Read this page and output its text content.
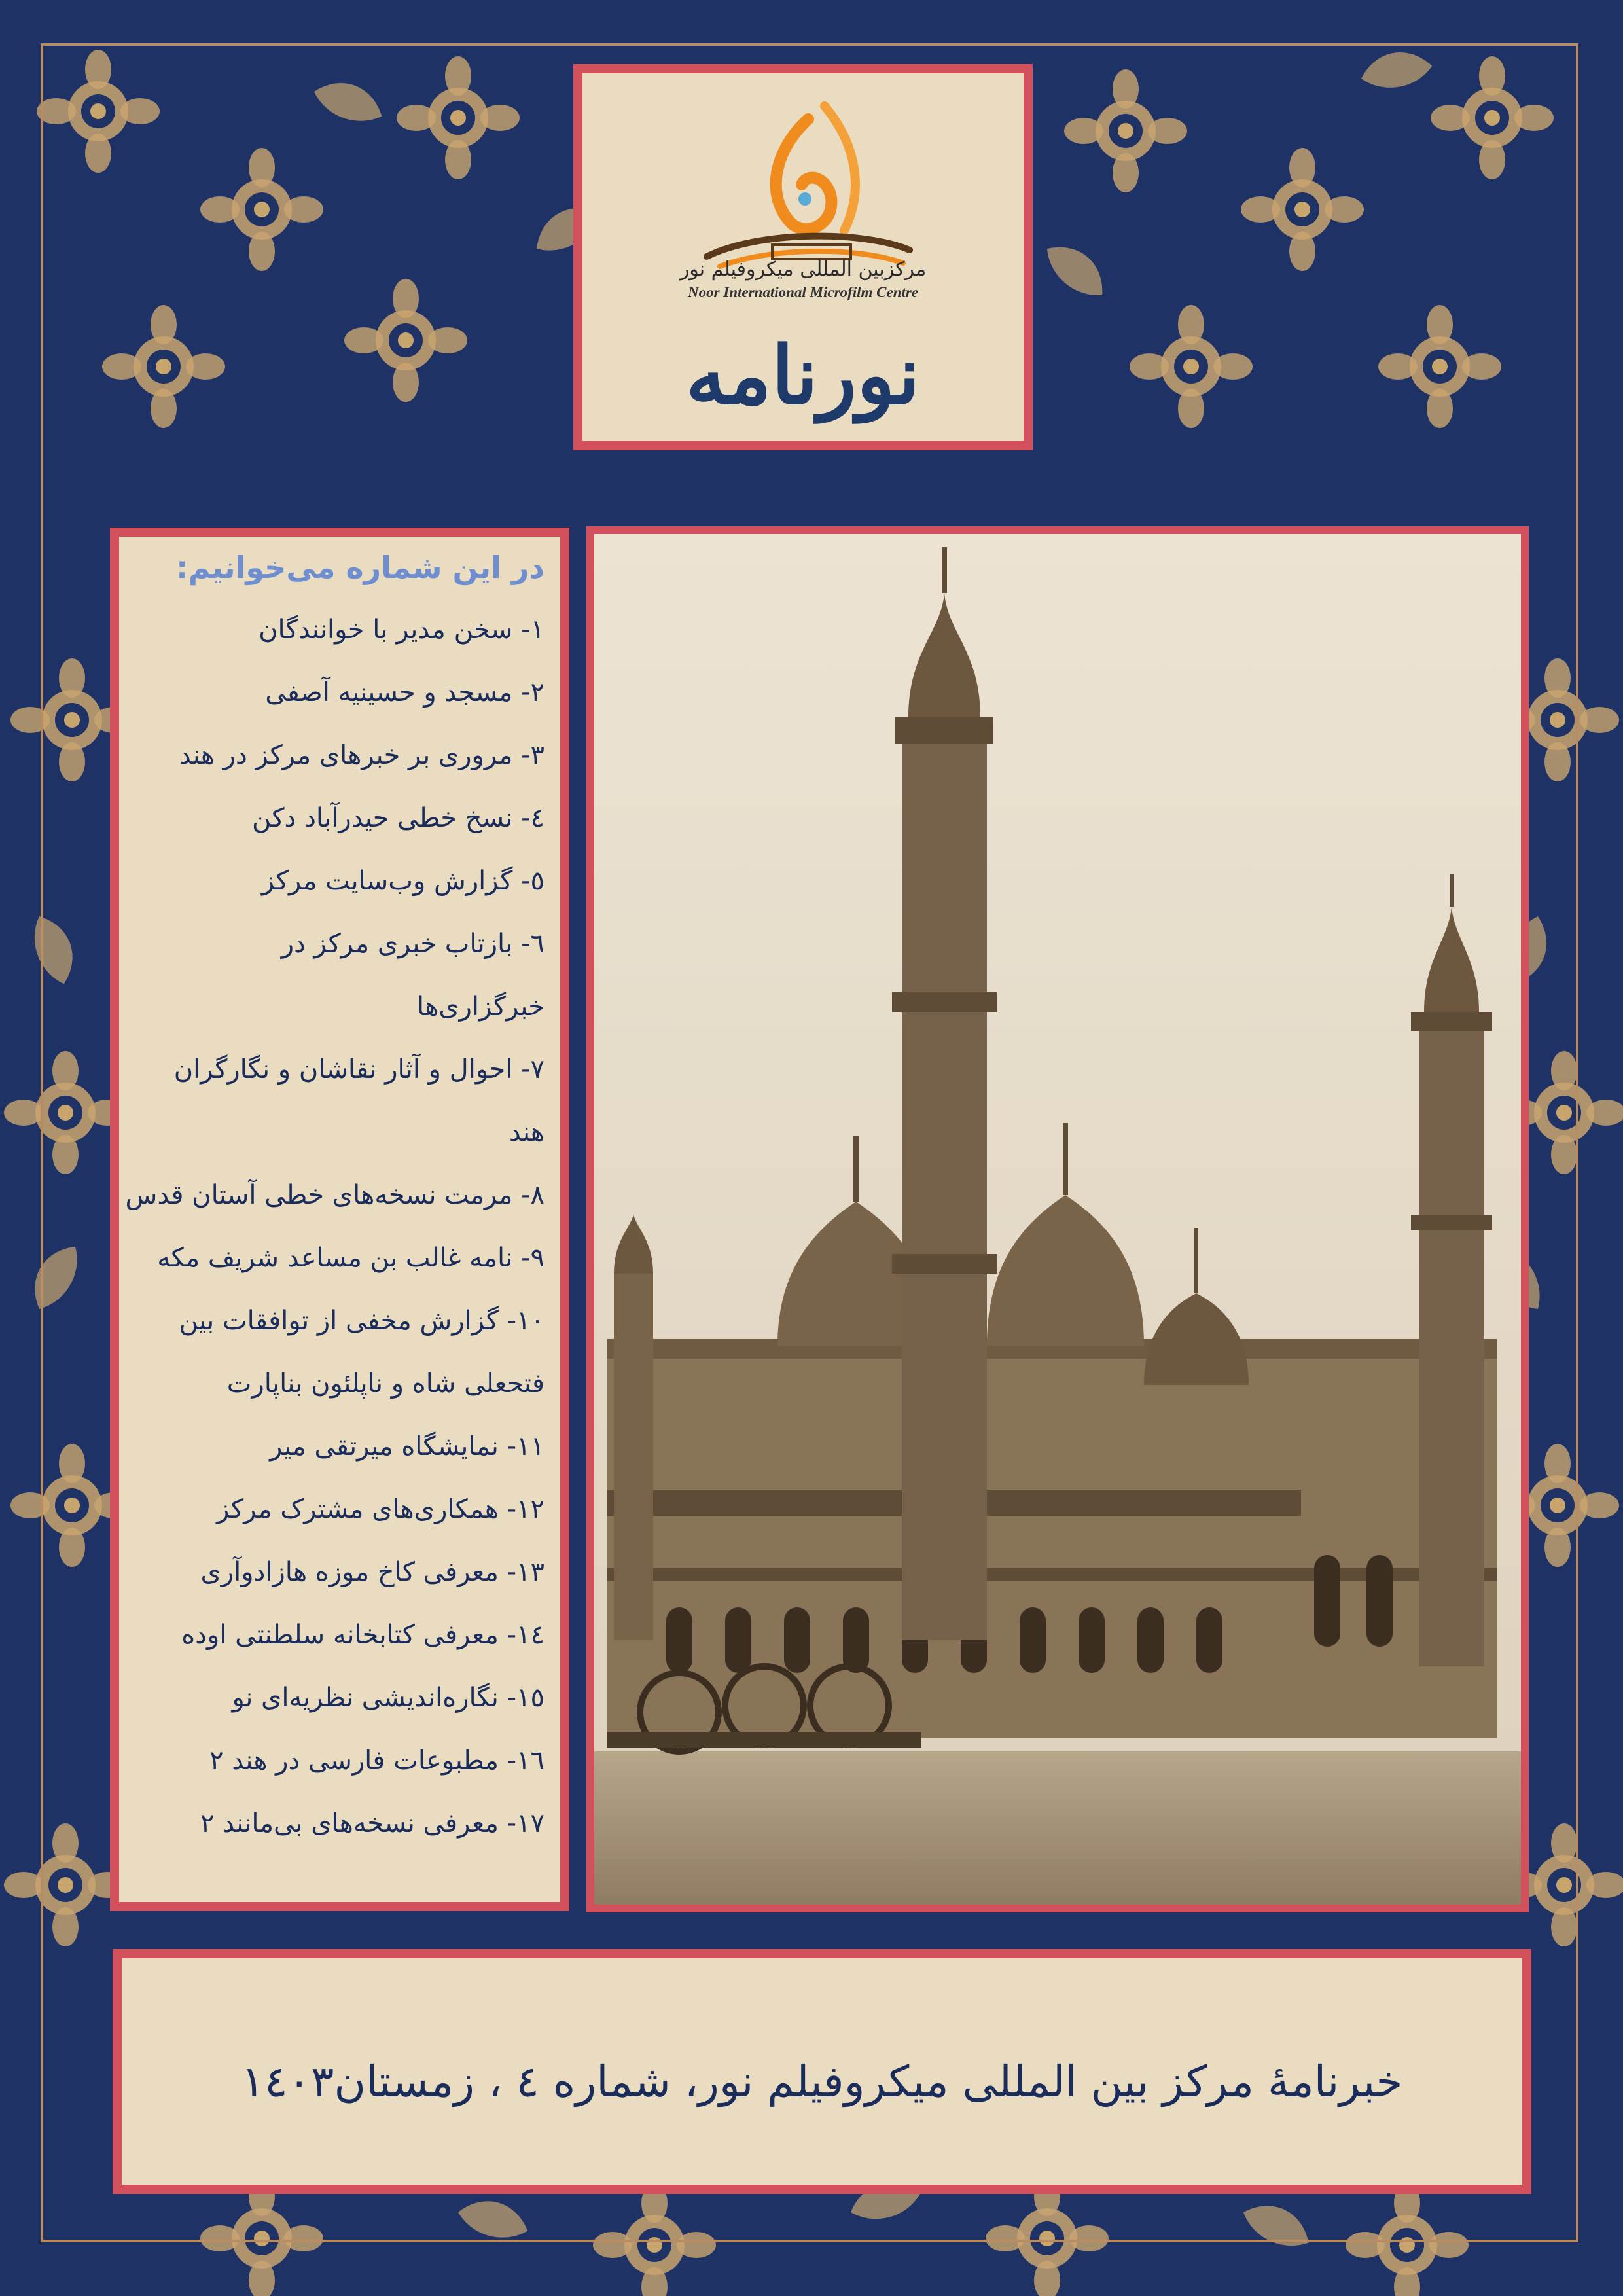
مرکزبین المللی میکروفیلم نور
Noor International Microfilm Centre
نورنامه
در این شماره می‌خوانیم:
١- سخن مدیر با خوانندگان
٢- مسجد و حسینیه آصفی
٣- مروری بر خبرهای مرکز در هند
٤- نسخ خطی حیدرآباد دکن
٥- گزارش وب‌سایت مرکز
٦- بازتاب خبری مرکز در
خبرگزاری‌ها
٧- احوال و آثار نقاشان و نگارگران
هند
٨- مرمت نسخه‌های خطی آستان قدس
٩- نامه غالب بن مساعد شریف مکه
١٠- گزارش مخفی از توافقات بین
فتحعلی شاه و ناپلئون بناپارت
١١- نمایشگاه میرتقی میر
١٢- همکاری‌های مشترک مرکز
١٣- معرفی کاخ موزه هازادوآری
١٤- معرفی کتابخانه سلطنتی اوده
١٥- نگاره‌اندیشی نظریه‌ای نو
١٦- مطبوعات فارسی در هند ٢
١٧- معرفی نسخه‌های بی‌مانند ٢
خبرنامهٔ مرکز بین المللی میکروفیلم نور، شماره ٤ ، زمستان١٤٠٣
